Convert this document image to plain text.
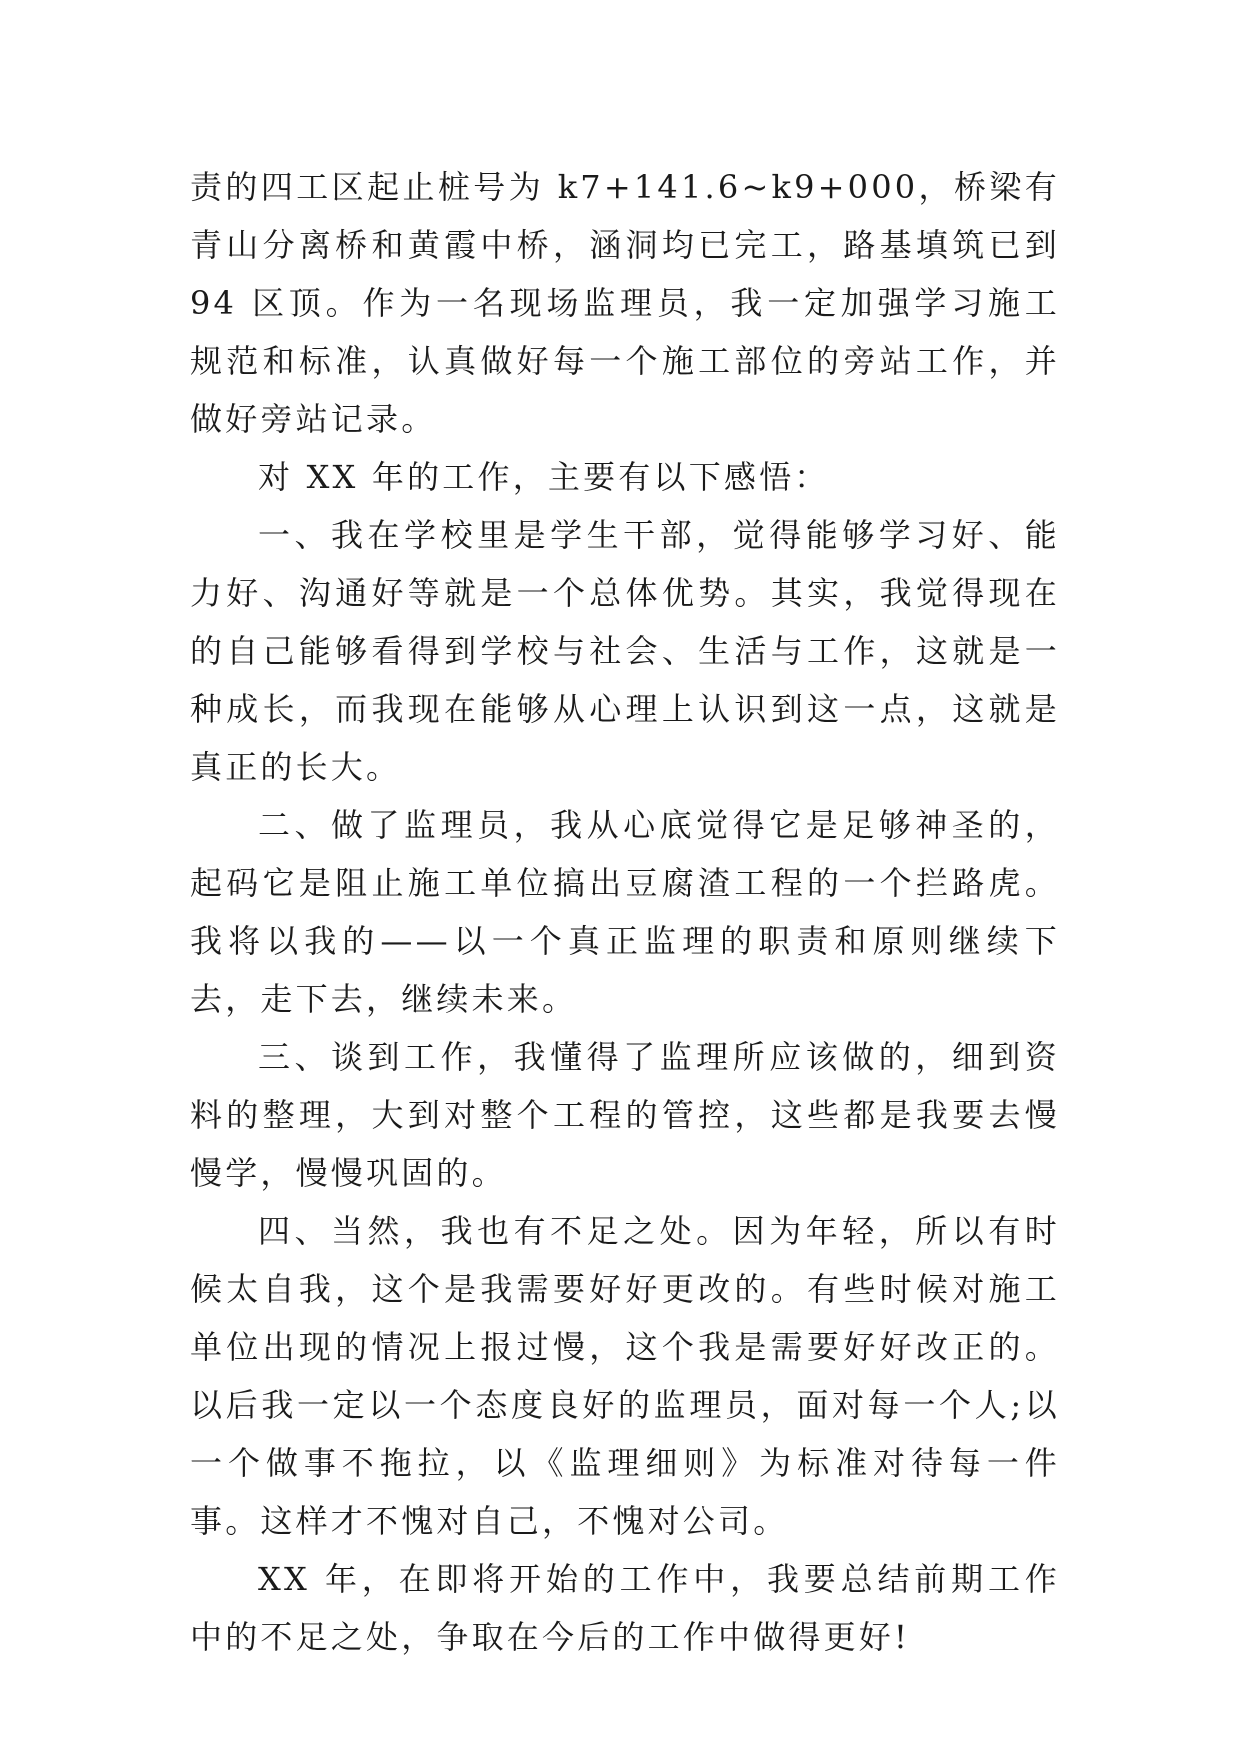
责的四工区起止桩号为 k7+141.6~k9+000，桥梁有青山分离桥和黄霞中桥，涵洞均已完工，路基填筑已到 94 区顶。作为一名现场监理员，我一定加强学习施工规范和标准，认真做好每一个施工部位的旁站工作，并做好旁站记录。

对 XX 年的工作，主要有以下感悟：

一、我在学校里是学生干部，觉得能够学习好、能力好、沟通好等就是一个总体优势。其实，我觉得现在的自己能够看得到学校与社会、生活与工作，这就是一种成长，而我现在能够从心理上认识到这一点，这就是真正的长大。

二、做了监理员，我从心底觉得它是足够神圣的，起码它是阻止施工单位搞出豆腐渣工程的一个拦路虎。我将以我的——以一个真正监理的职责和原则继续下去，走下去，继续未来。

三、谈到工作，我懂得了监理所应该做的，细到资料的整理，大到对整个工程的管控，这些都是我要去慢慢学，慢慢巩固的。

四、当然，我也有不足之处。因为年轻，所以有时候太自我，这个是我需要好好更改的。有些时候对施工单位出现的情况上报过慢，这个我是需要好好改正的。以后我一定以一个态度良好的监理员，面对每一个人;以一个做事不拖拉，以《监理细则》为标准对待每一件事。这样才不愧对自己，不愧对公司。

XX 年，在即将开始的工作中，我要总结前期工作中的不足之处，争取在今后的工作中做得更好!
